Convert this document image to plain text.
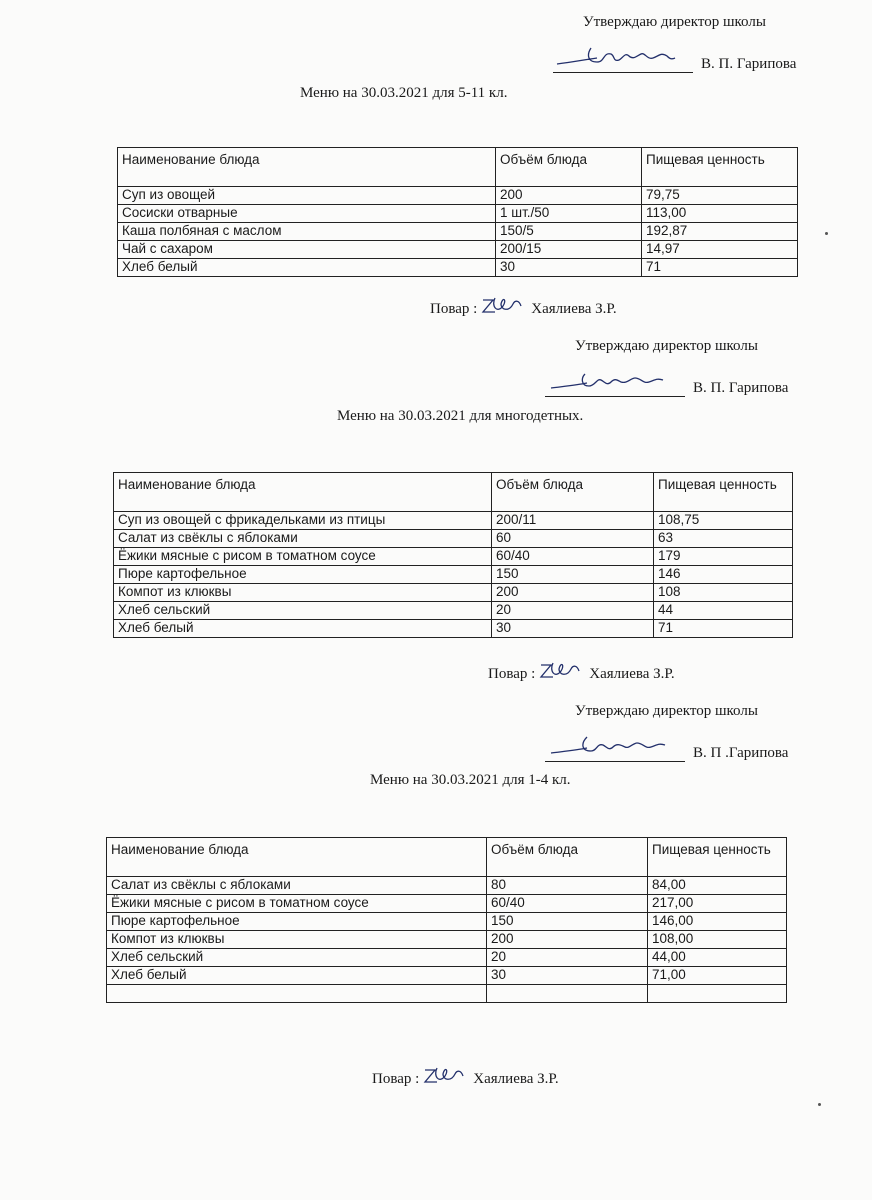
Утверждаю директор школы
В. П. Гарипова
Меню на 30.03.2021 для 5-11 кл.
Наименование блюда	Объём блюда	Пищевая ценность
Суп из овощей	200	79,75
Сосиски отварные	1 шт./50	113,00
Каша полбяная с маслом	150/5	192,87
Чай с сахаром	200/15	14,97
Хлеб белый	30	71
Повар :	Хаялиева З.Р.
Утверждаю директор школы
В. П. Гарипова
Меню на 30.03.2021 для многодетных.
Наименование блюда	Объём блюда	Пищевая ценность
Суп из овощей с фрикадельками из птицы	200/11	108,75
Салат из свёклы с яблоками	60	63
Ёжики мясные с рисом в томатном соусе	60/40	179
Пюре картофельное	150	146
Компот из клюквы	200	108
Хлеб сельский	20	44
Хлеб белый	30	71
Повар :	Хаялиева З.Р.
Утверждаю директор школы
В. П .Гарипова
Меню на 30.03.2021 для 1-4 кл.
Наименование блюда	Объём блюда	Пищевая ценность
Салат из свёклы с яблоками	80	84,00
Ёжики мясные с рисом в томатном соусе	60/40	217,00
Пюре картофельное	150	146,00
Компот из клюквы	200	108,00
Хлеб сельский	20	44,00
Хлеб белый	30	71,00

Повар :	Хаялиева З.Р.
